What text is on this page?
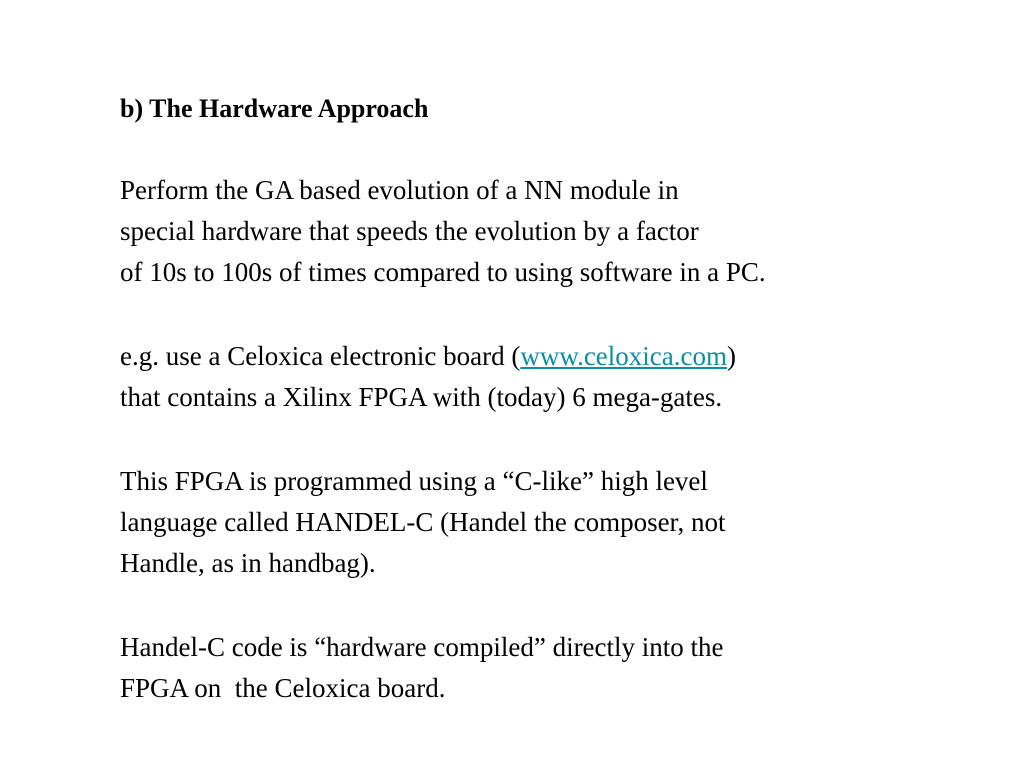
b) The Hardware Approach
Perform the GA based evolution of a NN module in
special hardware that speeds the evolution by a factor
of 10s to 100s of times compared to using software in a PC.
e.g. use a Celoxica electronic board (www.celoxica.com)
that contains a Xilinx FPGA with (today) 6 mega-gates.
This FPGA is programmed using a “C-like” high level
language called HANDEL-C (Handel the composer, not
Handle, as in handbag).
Handel-C code is “hardware compiled” directly into the
FPGA on  the Celoxica board.
